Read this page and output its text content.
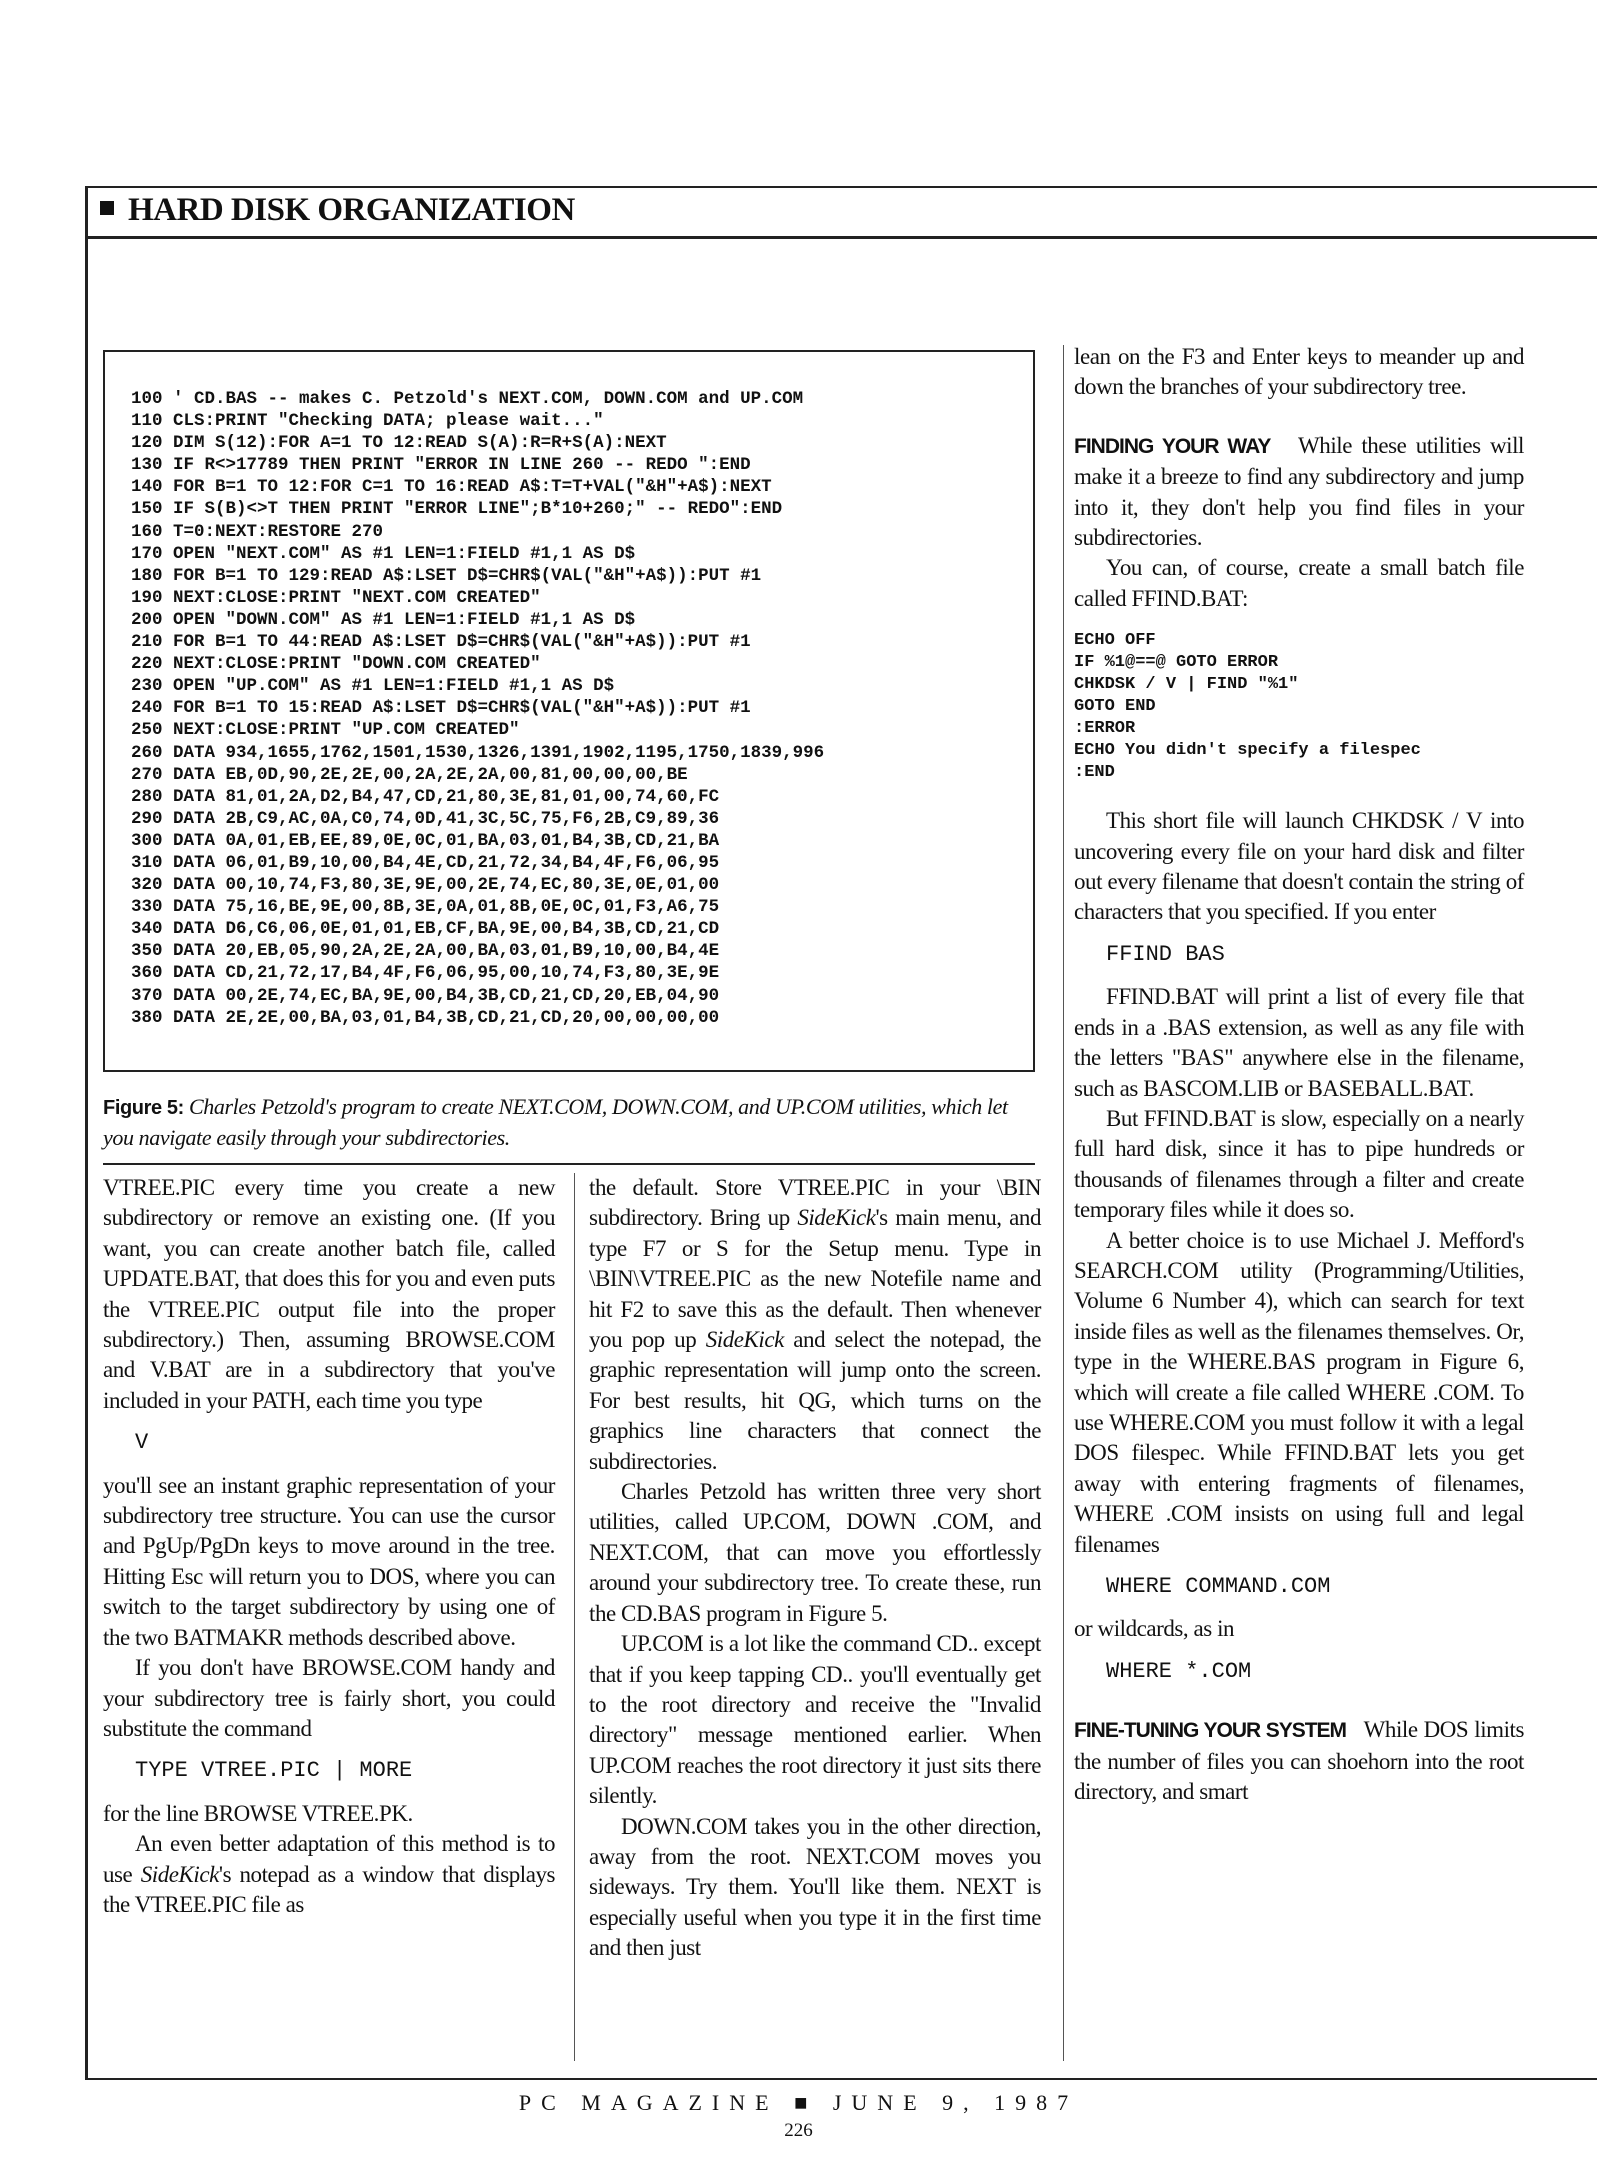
HARD DISK ORGANIZATION
100 ' CD.BAS -- makes C. Petzold's NEXT.COM, DOWN.COM and UP.COM
110 CLS:PRINT "Checking DATA; please wait..."
120 DIM S(12):FOR A=1 TO 12:READ S(A):R=R+S(A):NEXT
130 IF R<>17789 THEN PRINT "ERROR IN LINE 260 -- REDO ":END
140 FOR B=1 TO 12:FOR C=1 TO 16:READ A$:T=T+VAL("&H"+A$):NEXT
150 IF S(B)<>T THEN PRINT "ERROR LINE";B*10+260;" -- REDO":END
160 T=0:NEXT:RESTORE 270
170 OPEN "NEXT.COM" AS #1 LEN=1:FIELD #1,1 AS D$
180 FOR B=1 TO 129:READ A$:LSET D$=CHR$(VAL("&H"+A$)):PUT #1
190 NEXT:CLOSE:PRINT "NEXT.COM CREATED"
200 OPEN "DOWN.COM" AS #1 LEN=1:FIELD #1,1 AS D$
210 FOR B=1 TO 44:READ A$:LSET D$=CHR$(VAL("&H"+A$)):PUT #1
220 NEXT:CLOSE:PRINT "DOWN.COM CREATED"
230 OPEN "UP.COM" AS #1 LEN=1:FIELD #1,1 AS D$
240 FOR B=1 TO 15:READ A$:LSET D$=CHR$(VAL("&H"+A$)):PUT #1
250 NEXT:CLOSE:PRINT "UP.COM CREATED"
260 DATA 934,1655,1762,1501,1530,1326,1391,1902,1195,1750,1839,996
270 DATA EB,0D,90,2E,2E,00,2A,2E,2A,00,81,00,00,00,BE
280 DATA 81,01,2A,D2,B4,47,CD,21,80,3E,81,01,00,74,60,FC
290 DATA 2B,C9,AC,0A,C0,74,0D,41,3C,5C,75,F6,2B,C9,89,36
300 DATA 0A,01,EB,EE,89,0E,0C,01,BA,03,01,B4,3B,CD,21,BA
310 DATA 06,01,B9,10,00,B4,4E,CD,21,72,34,B4,4F,F6,06,95
320 DATA 00,10,74,F3,80,3E,9E,00,2E,74,EC,80,3E,0E,01,00
330 DATA 75,16,BE,9E,00,8B,3E,0A,01,8B,0E,0C,01,F3,A6,75
340 DATA D6,C6,06,0E,01,01,EB,CF,BA,9E,00,B4,3B,CD,21,CD
350 DATA 20,EB,05,90,2A,2E,2A,00,BA,03,01,B9,10,00,B4,4E
360 DATA CD,21,72,17,B4,4F,F6,06,95,00,10,74,F3,80,3E,9E
370 DATA 00,2E,74,EC,BA,9E,00,B4,3B,CD,21,CD,20,EB,04,90
380 DATA 2E,2E,00,BA,03,01,B4,3B,CD,21,CD,20,00,00,00,00
Figure 5: Charles Petzold's program to create NEXT.COM, DOWN.COM, and UP.COM utilities, which let you navigate easily through your subdirectories.

VTREE.PIC every time you create a new subdirectory or remove an existing one. (If you want, you can create another batch file, called UPDATE.BAT, that does this for you and even puts the VTREE.PIC output file into the proper subdirectory.) Then, assuming BROWSE.COM and V.BAT are in a subdirectory that you've included in your PATH, each time you type

V

you'll see an instant graphic representation of your subdirectory tree structure. You can use the cursor and PgUp/PgDn keys to move around in the tree. Hitting Esc will return you to DOS, where you can switch to the target subdirectory by using one of the two BATMAKR methods described above.

If you don't have BROWSE.COM handy and your subdirectory tree is fairly short, you could substitute the command

TYPE VTREE.PIC | MORE

for the line BROWSE VTREE.PK.

An even better adaptation of this method is to use SideKick's notepad as a window that displays the VTREE.PIC file as

the default. Store VTREE.PIC in your \BIN subdirectory. Bring up SideKick's main menu, and type F7 or S for the Setup menu. Type in \BIN\VTREE.PIC as the new Notefile name and hit F2 to save this as the default. Then whenever you pop up SideKick and select the notepad, the graphic representation will jump onto the screen. For best results, hit QG, which turns on the graphics line characters that connect the subdirectories.

Charles Petzold has written three very short utilities, called UP.COM, DOWN .COM, and NEXT.COM, that can move you effortlessly around your subdirectory tree. To create these, run the CD.BAS program in Figure 5.

UP.COM is a lot like the command CD.. except that if you keep tapping CD.. you'll eventually get to the root directory and receive the "Invalid directory" message mentioned earlier. When UP.COM reaches the root directory it just sits there silently.

DOWN.COM takes you in the other direction, away from the root. NEXT.COM moves you sideways. Try them. You'll like them. NEXT is especially useful when you type it in the first time and then just

lean on the F3 and Enter keys to meander up and down the branches of your subdirectory tree.

FINDING YOUR WAY While these utilities will make it a breeze to find any subdirectory and jump into it, they don't help you find files in your subdirectories.

You can, of course, create a small batch file called FFIND.BAT:

ECHO OFF
IF %1@==@ GOTO ERROR
CHKDSK / V | FIND "%1"
GOTO END
:ERROR
ECHO You didn't specify a filespec
:END

This short file will launch CHKDSK / V into uncovering every file on your hard disk and filter out every filename that doesn't contain the string of characters that you specified. If you enter

FFIND BAS

FFIND.BAT will print a list of every file that ends in a .BAS extension, as well as any file with the letters "BAS" anywhere else in the filename, such as BASCOM.LIB or BASEBALL.BAT.

But FFIND.BAT is slow, especially on a nearly full hard disk, since it has to pipe hundreds or thousands of filenames through a filter and create temporary files while it does so.

A better choice is to use Michael J. Mefford's SEARCH.COM utility (Programming/Utilities, Volume 6 Number 4), which can search for text inside files as well as the filenames themselves. Or, type in the WHERE.BAS program in Figure 6, which will create a file called WHERE .COM. To use WHERE.COM you must follow it with a legal DOS filespec. While FFIND.BAT lets you get away with entering fragments of filenames, WHERE .COM insists on using full and legal filenames

WHERE COMMAND.COM

or wildcards, as in

WHERE *.COM

FINE-TUNING YOUR SYSTEM While DOS limits the number of files you can shoehorn into the root directory, and smart

PC MAGAZINE ■ JUNE 9, 1987
226
